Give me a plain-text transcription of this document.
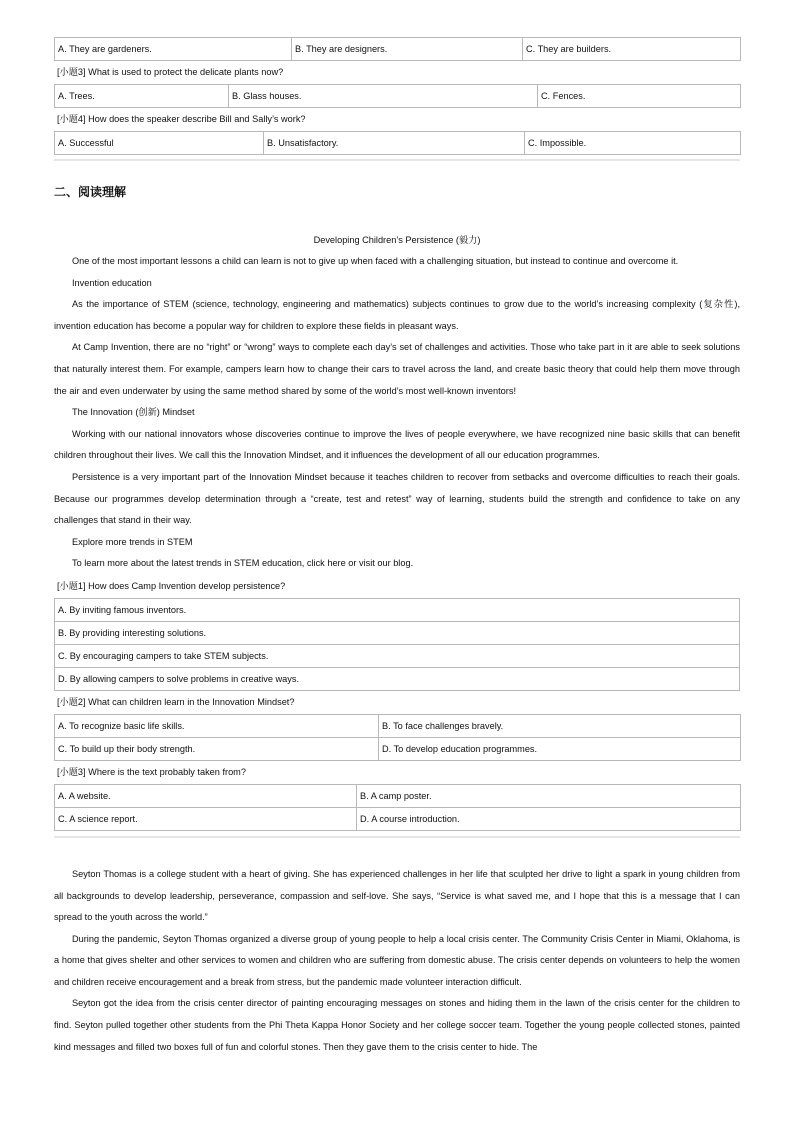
A. They are gardeners.	B. They are designers.	C. They are builders.
[小题3] What is used to protect the delicate plants now?
A. Trees.	B. Glass houses.	C. Fences.
[小题4] How does the speaker describe Bill and Sally’s work?
A. Successful	B. Unsatisfactory.	C. Impossible.
二、阅读理解
Developing Children’s Persistence (毅力)

One of the most important lessons a child can learn is not to give up when faced with a challenging situation, but instead to continue and overcome it.

Invention education

As the importance of STEM (science, technology, engineering and mathematics) subjects continues to grow due to the world’s increasing complexity (复杂性), invention education has become a popular way for children to explore these fields in pleasant ways.

At Camp Invention, there are no “right” or “wrong” ways to complete each day’s set of challenges and activities. Those who take part in it are able to seek solutions that naturally interest them. For example, campers learn how to change their cars to travel across the land, and create basic theory that could help them move through the air and even underwater by using the same method shared by some of the world’s most well-known inventors!

The Innovation (创新) Mindset

Working with our national innovators whose discoveries continue to improve the lives of people everywhere, we have recognized nine basic skills that can benefit children throughout their lives. We call this the Innovation Mindset, and it influences the development of all our education programmes.

Persistence is a very important part of the Innovation Mindset because it teaches children to recover from setbacks and overcome difficulties to reach their goals. Because our programmes develop determination through a “create, test and retest” way of learning, students build the strength and confidence to take on any challenges that stand in their way.

Explore more trends in STEM

To learn more about the latest trends in STEM education, click here or visit our blog.

[小题1] How does Camp Invention develop persistence?
A. By inviting famous inventors.
B. By providing interesting solutions.
C. By encouraging campers to take STEM subjects.
D. By allowing campers to solve problems in creative ways.
[小题2] What can children learn in the Innovation Mindset?
A. To recognize basic life skills.	B. To face challenges bravely.
C. To build up their body strength.	D. To develop education programmes.
[小题3] Where is the text probably taken from?
A. A website.	B. A camp poster.
C. A science report.	D. A course introduction.

Seyton Thomas is a college student with a heart of giving. She has experienced challenges in her life that sculpted her drive to light a spark in young children from all backgrounds to develop leadership, perseverance, compassion and self-love. She says, “Service is what saved me, and I hope that this is a message that I can spread to the youth across the world.”

During the pandemic, Seyton Thomas organized a diverse group of young people to help a local crisis center. The Community Crisis Center in Miami, Oklahoma, is a home that gives shelter and other services to women and children who are suffering from domestic abuse. The crisis center depends on volunteers to help the women and children receive encouragement and a break from stress, but the pandemic made volunteer interaction difficult.

Seyton got the idea from the crisis center director of painting encouraging messages on stones and hiding them in the lawn of the crisis center for the children to find. Seyton pulled together other students from the Phi Theta Kappa Honor Society and her college soccer team. Together the young people collected stones, painted kind messages and filled two boxes full of fun and colorful stones. Then they gave them to the crisis center to hide. The
